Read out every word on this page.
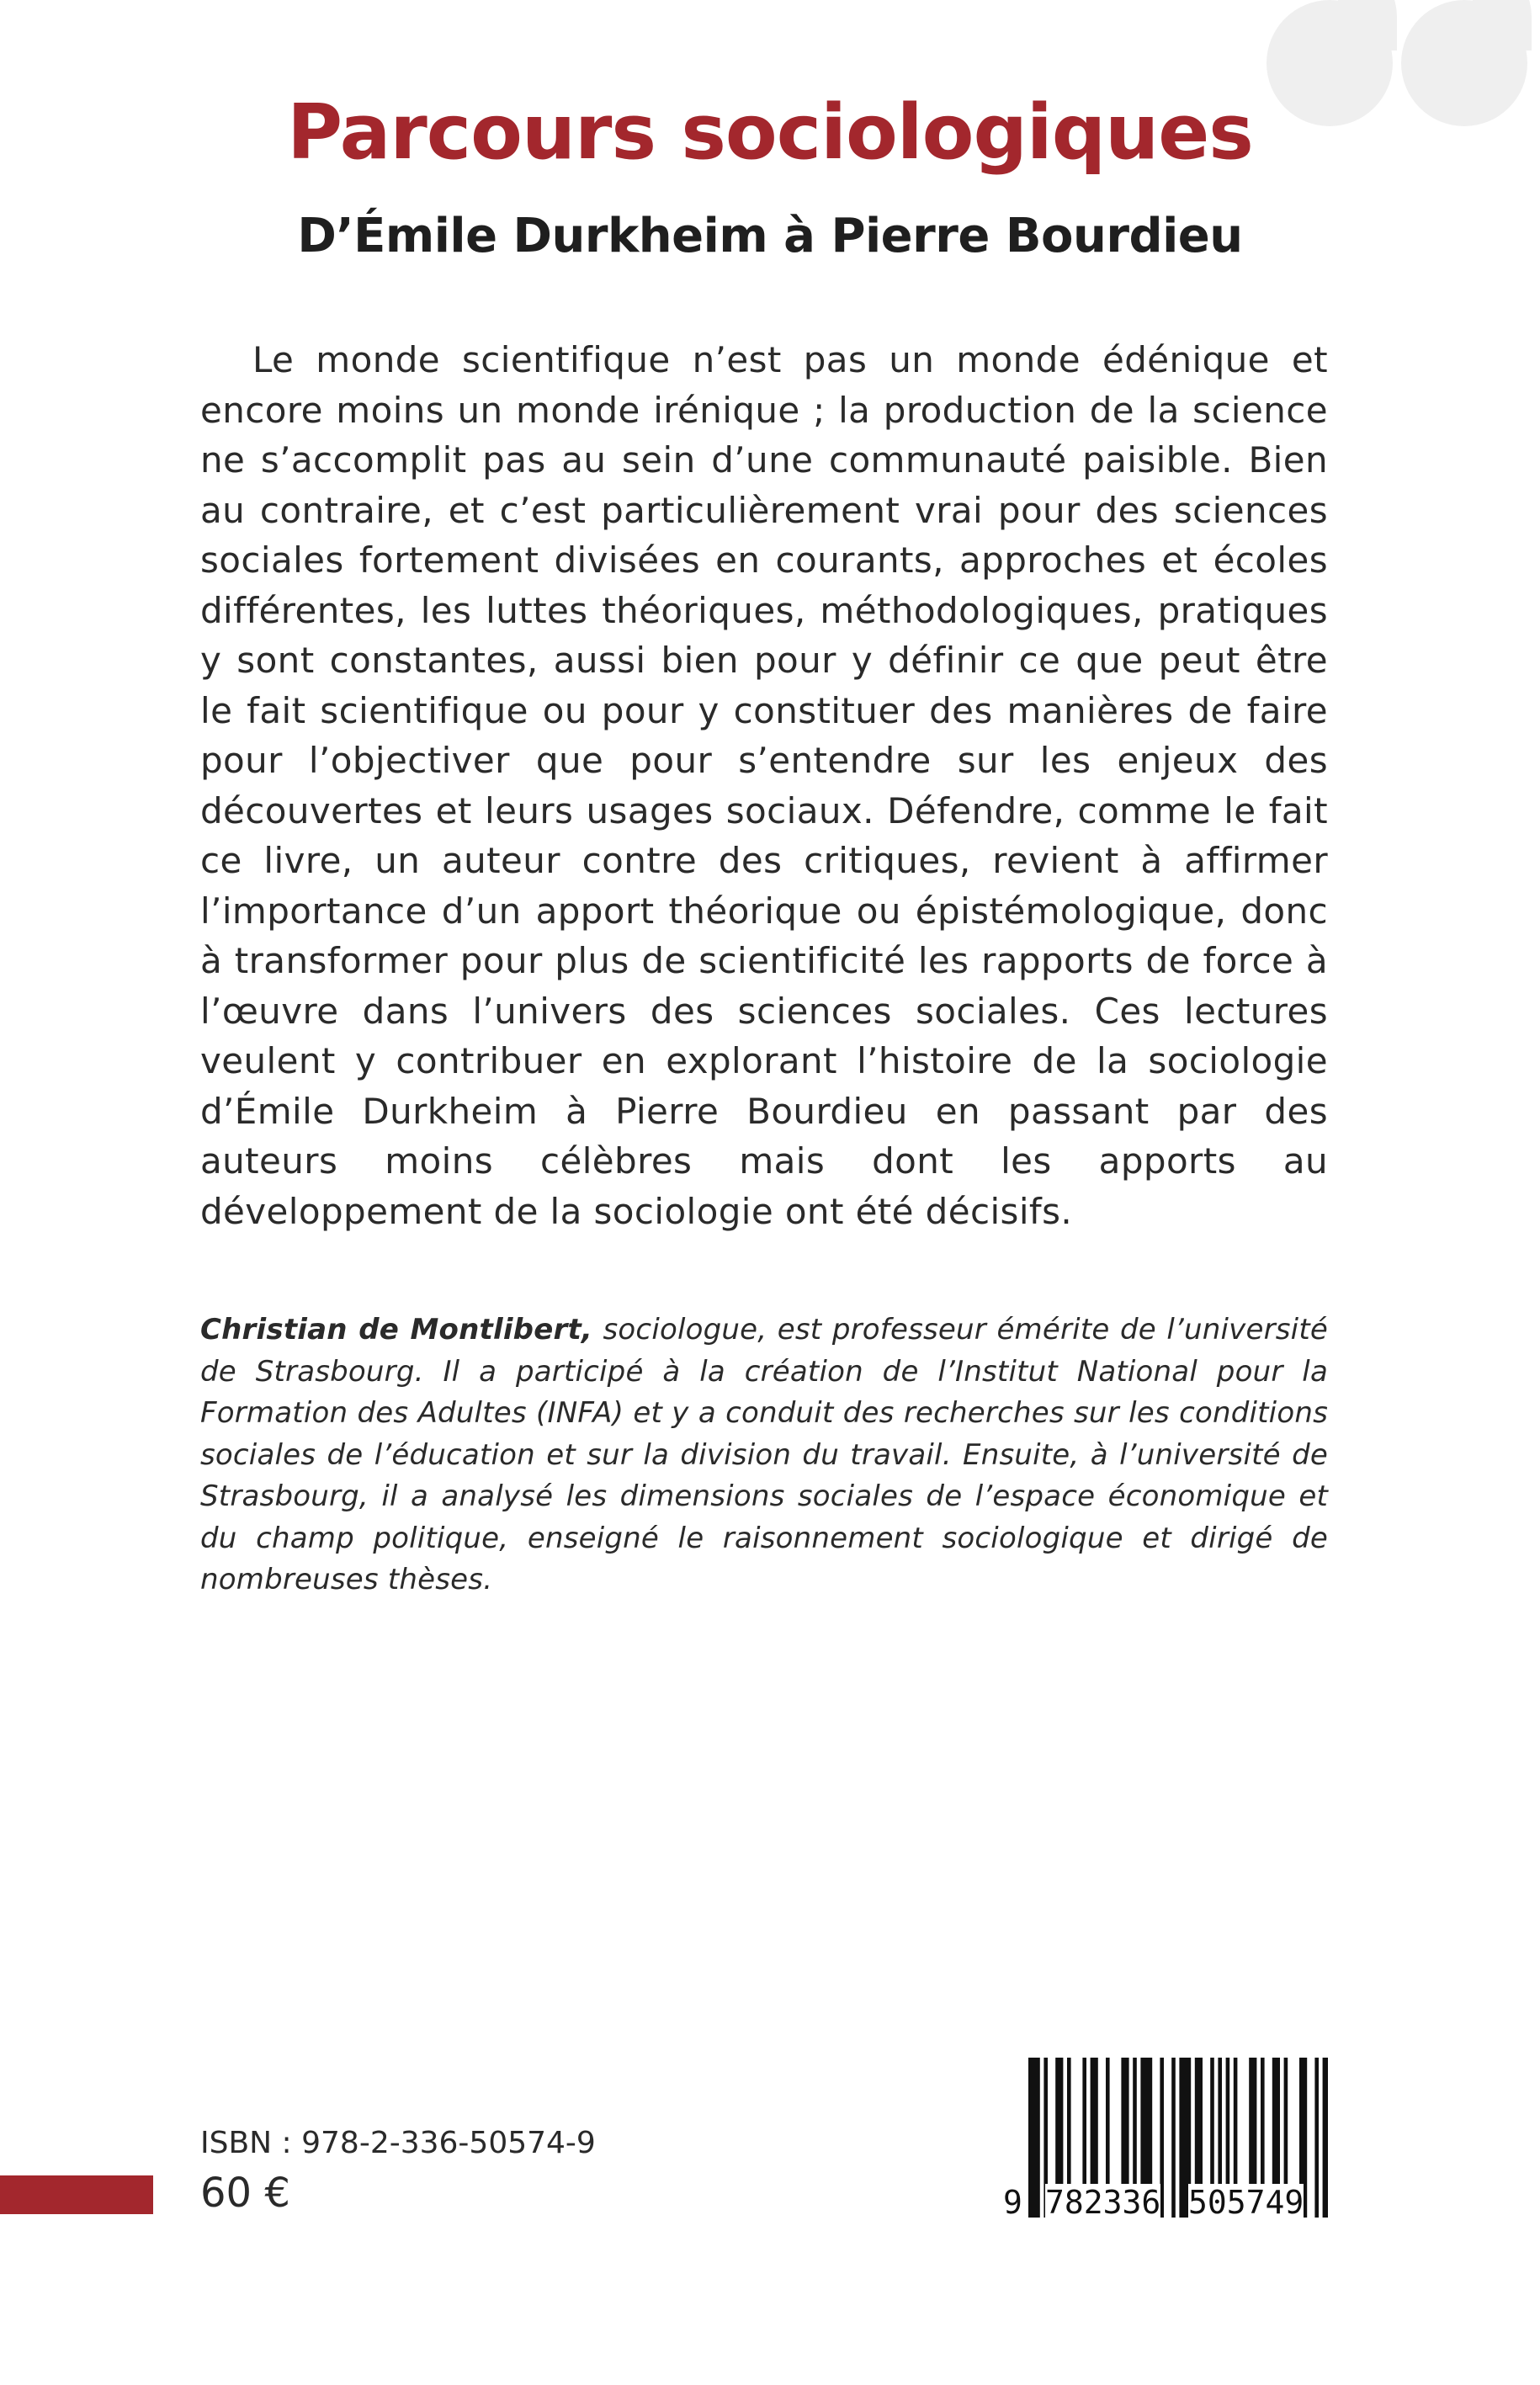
Parcours sociologiques
D’Émile Durkheim à Pierre Bourdieu

Le monde scientifique n’est pas un monde édénique et encore moins un monde irénique ; la production de la science ne s’accomplit pas au sein d’une communauté paisible. Bien au contraire, et c’est particulièrement vrai pour des sciences sociales fortement divisées en courants, approches et écoles différentes, les luttes théoriques, méthodologiques, pratiques y sont constantes, aussi bien pour y définir ce que peut être le fait scientifique ou pour y constituer des manières de faire pour l’objectiver que pour s’entendre sur les enjeux des découvertes et leurs usages sociaux. Défendre, comme le fait ce livre, un auteur contre des critiques, revient à affirmer l’importance d’un apport théorique ou épistémologique, donc à transformer pour plus de scientificité les rapports de force à l’œuvre dans l’univers des sciences sociales. Ces lectures veulent y contribuer en explorant l’histoire de la sociologie d’Émile Durkheim à Pierre Bourdieu en passant par des auteurs moins célèbres mais dont les apports au développement de la sociologie ont été décisifs.

Christian de Montlibert, sociologue, est professeur émérite de l’université de Strasbourg. Il a participé à la création de l’Institut National pour la Formation des Adultes (INFA) et y a conduit des recherches sur les conditions sociales de l’éducation et sur la division du travail. Ensuite, à l’université de Strasbourg, il a analysé les dimensions sociales de l’espace économique et du champ politique, enseigné le raisonnement sociologique et dirigé de nombreuses thèses.

ISBN : 978-2-336-50574-9
60 €	9 782336 505749
